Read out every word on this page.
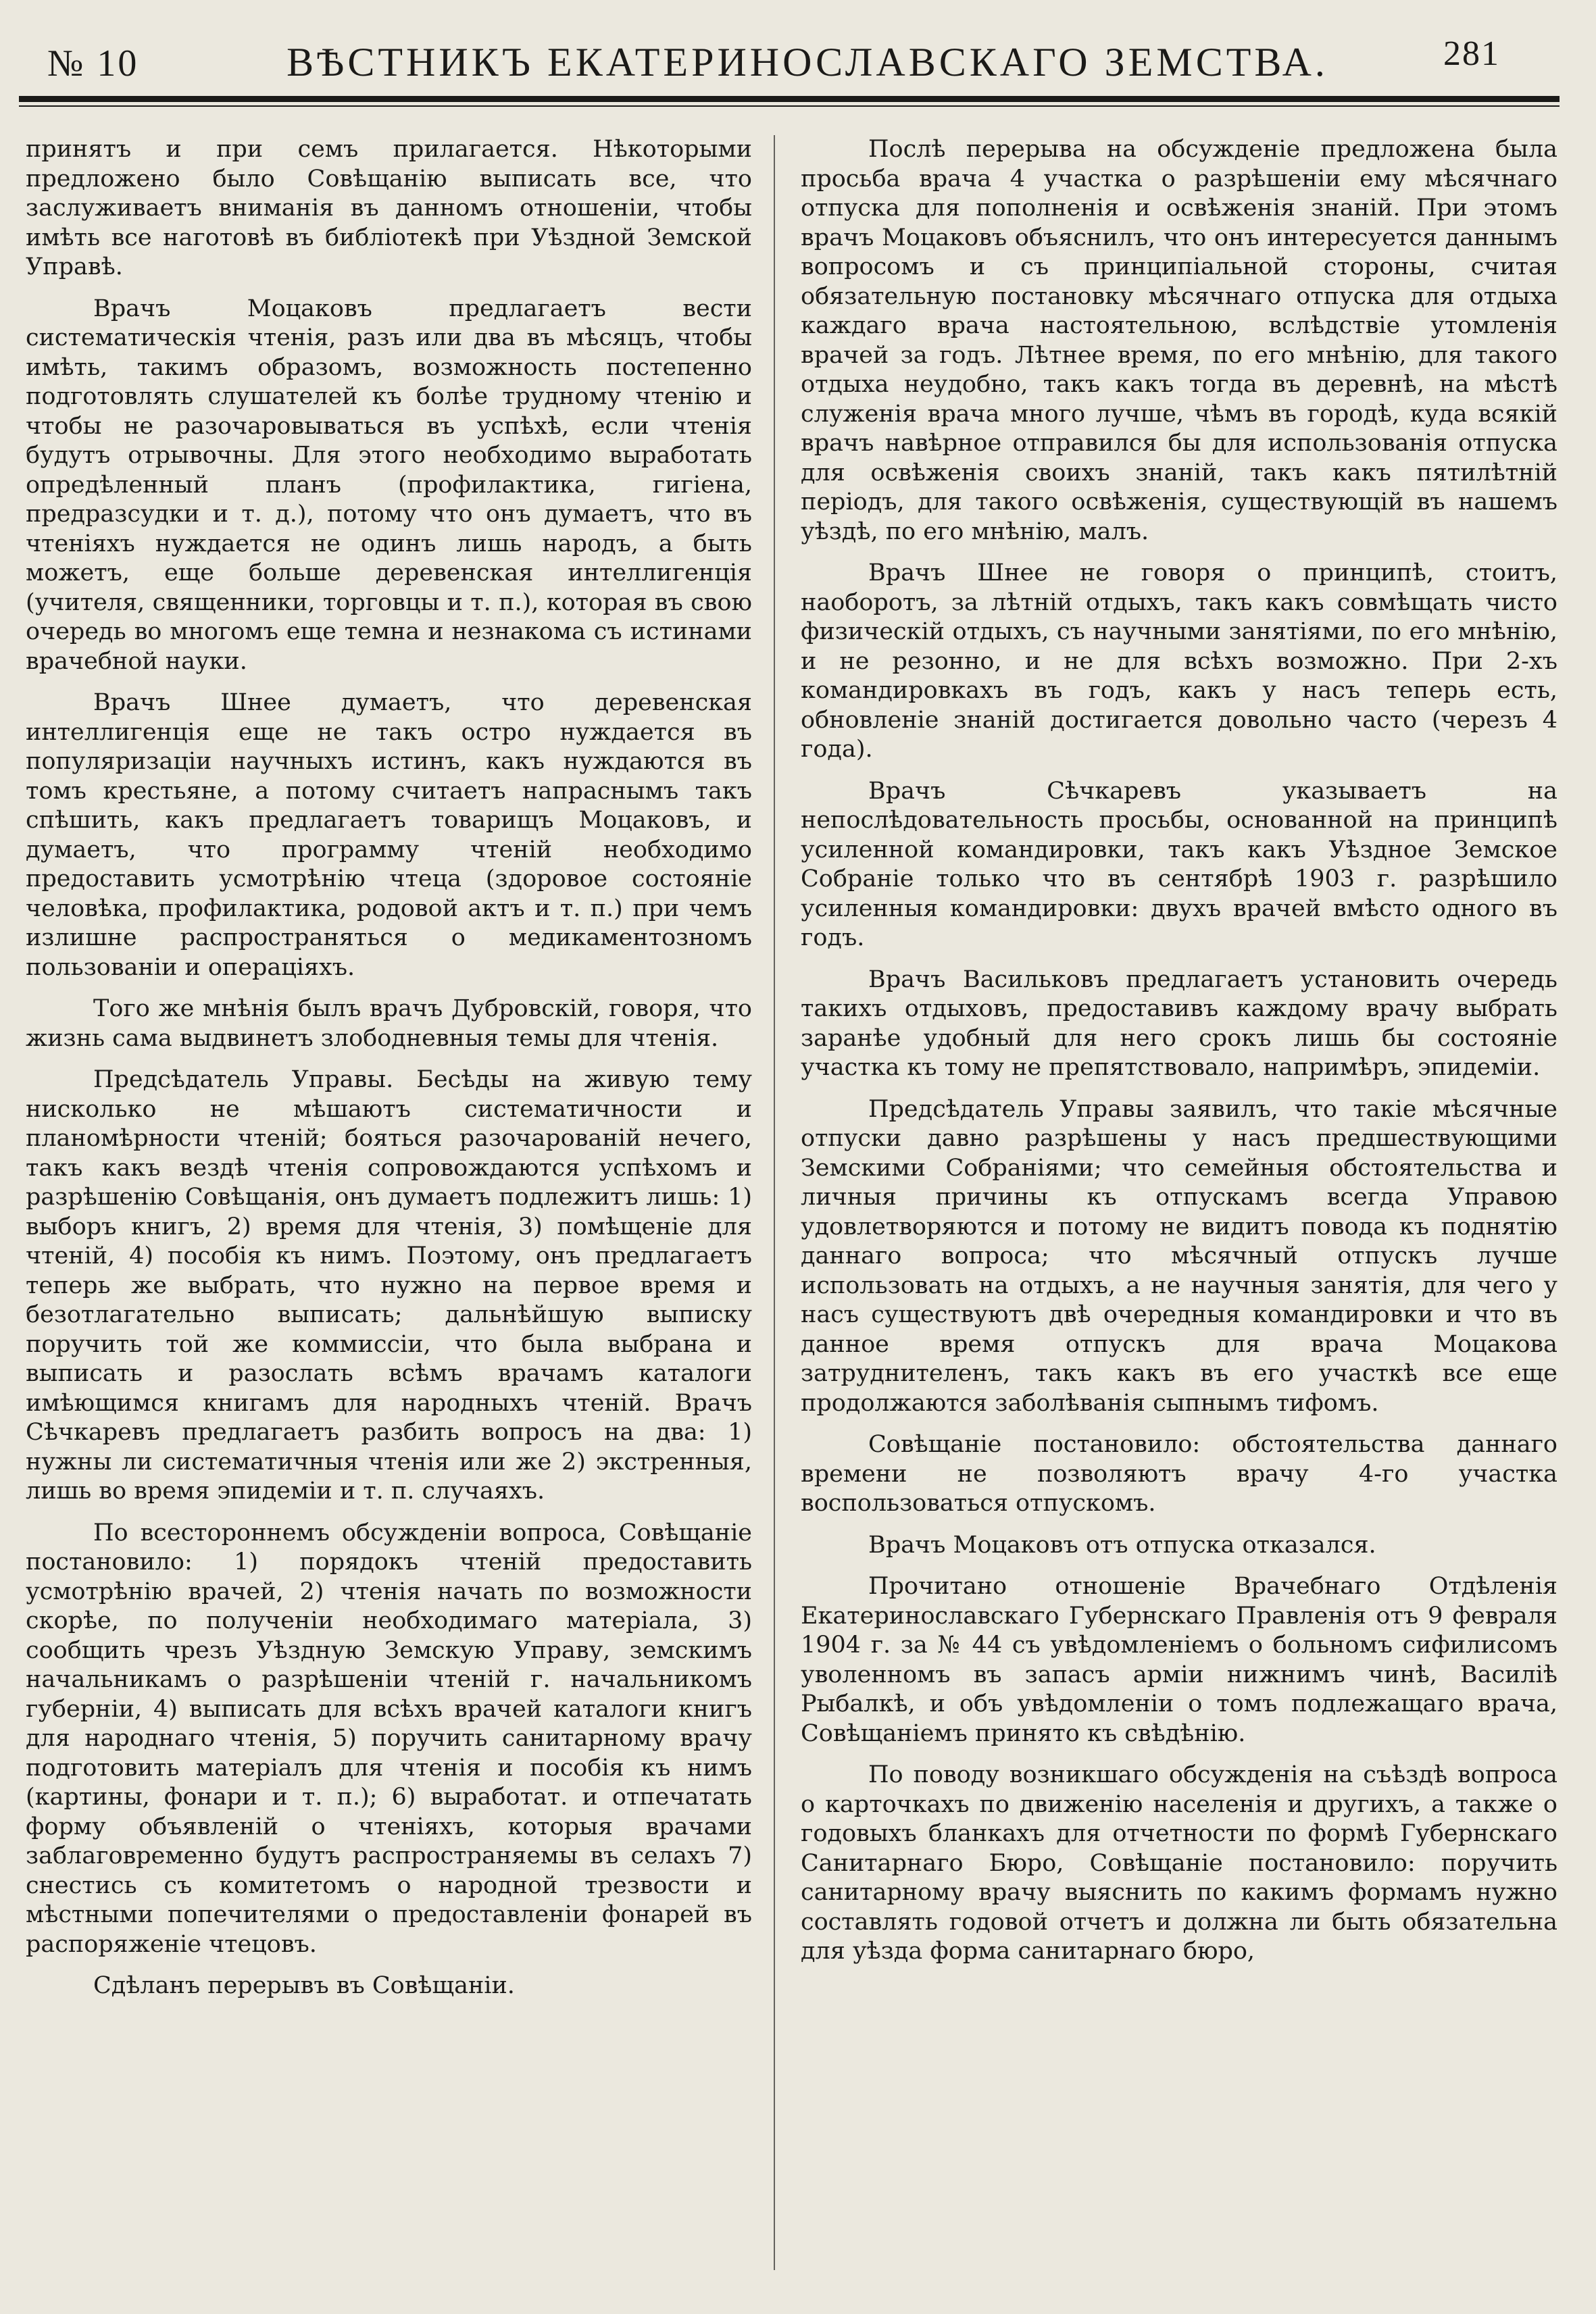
№ 10	ВѢСТНИКЪ ЕКАТЕРИНОСЛАВСКАГО ЗЕМСТВА.	281

принятъ и при семъ прилагается. Нѣкоторыми предложено было Совѣщанію выписать все, что заслуживаетъ вниманія въ данномъ отношеніи, чтобы имѣть все наготовѣ въ библіотекѣ при Уѣздной Земской Управѣ.

Врачъ Моцаковъ предлагаетъ вести систематическія чтенія, разъ или два въ мѣсяцъ, чтобы имѣть, такимъ образомъ, возможность постепенно подготовлять слушателей къ болѣе трудному чтенію и чтобы не разочаровываться въ успѣхѣ, если чтенія будутъ отрывочны. Для этого необходимо выработать опредѣленный планъ (профилактика, гигіена, предразсудки и т. д.), потому что онъ думаетъ, что въ чтеніяхъ нуждается не одинъ лишь народъ, а быть можетъ, еще больше деревенская интеллигенція (учителя, священники, торговцы и т. п.), которая въ свою очередь во многомъ еще темна и незнакома съ истинами врачебной науки.

Врачъ Шнее думаетъ, что деревенская интеллигенція еще не такъ остро нуждается въ популяризаціи научныхъ истинъ, какъ нуждаются въ томъ крестьяне, а потому считаетъ напраснымъ такъ спѣшить, какъ предлагаетъ товарищъ Моцаковъ, и думаетъ, что программу чтеній необходимо предоставить усмотрѣнію чтеца (здоровое состояніе человѣка, профилактика, родовой актъ и т. п.) при чемъ излишне распространяться о медикаментозномъ пользованіи и операціяхъ.

Того же мнѣнія былъ врачъ Дубровскій, говоря, что жизнь сама выдвинетъ злободневныя темы для чтенія.

Предсѣдатель Управы. Бесѣды на живую тему нисколько не мѣшаютъ систематичности и планомѣрности чтеній; бояться разочарованій нечего, такъ какъ вездѣ чтенія сопровождаются успѣхомъ и разрѣшенію Совѣщанія, онъ думаетъ подлежитъ лишь: 1) выборъ книгъ, 2) время для чтенія, 3) помѣщеніе для чтеній, 4) пособія къ нимъ. Поэтому, онъ предлагаетъ теперь же выбрать, что нужно на первое время и безотлагательно выписать; дальнѣйшую выписку поручить той же коммиссіи, что была выбрана и выписать и разослать всѣмъ врачамъ каталоги имѣющимся книгамъ для народныхъ чтеній. Врачъ Сѣчкаревъ предлагаетъ разбить вопросъ на два: 1) нужны ли систематичныя чтенія или же 2) экстренныя, лишь во время эпидеміи и т. п. случаяхъ.

По всестороннемъ обсужденіи вопроса, Совѣщаніе постановило: 1) порядокъ чтеній предоставить усмотрѣнію врачей, 2) чтенія начать по возможности скорѣе, по полученіи необходимаго матеріала, 3) сообщить чрезъ Уѣздную Земскую Управу, земскимъ начальникамъ о разрѣшеніи чтеній г. начальникомъ губерніи, 4) выписать для всѣхъ врачей каталоги книгъ для народнаго чтенія, 5) поручить санитарному врачу подготовить матеріалъ для чтенія и пособія къ нимъ (картины, фонари и т. п.); 6) выработат. и отпечатать форму объявленій о чтеніяхъ, которыя врачами заблаговременно будутъ распространяемы въ селахъ 7) снестись съ комитетомъ о народной трезвости и мѣстными попечителями о предоставленіи фонарей въ распоряженіе чтецовъ.

Сдѣланъ перерывъ въ Совѣщаніи.

Послѣ перерыва на обсужденіе предложена была просьба врача 4 участка о разрѣшеніи ему мѣсячнаго отпуска для пополненія и освѣженія знаній. При этомъ врачъ Моцаковъ объяснилъ, что онъ интересуется даннымъ вопросомъ и съ принципіальной стороны, считая обязательную постановку мѣсячнаго отпуска для отдыха каждаго врача настоятельною, вслѣдствіе утомленія врачей за годъ. Лѣтнее время, по его мнѣнію, для такого отдыха неудобно, такъ какъ тогда въ деревнѣ, на мѣстѣ служенія врача много лучше, чѣмъ въ городѣ, куда всякій врачъ навѣрное отправился бы для использованія отпуска для освѣженія своихъ знаній, такъ какъ пятилѣтній періодъ, для такого освѣженія, существующій въ нашемъ уѣздѣ, по его мнѣнію, малъ.

Врачъ Шнее не говоря о принципѣ, стоитъ, наоборотъ, за лѣтній отдыхъ, такъ какъ совмѣщать чисто физическій отдыхъ, съ научными занятіями, по его мнѣнію, и не резонно, и не для всѣхъ возможно. При 2-хъ командировкахъ въ годъ, какъ у насъ теперь есть, обновленіе знаній достигается довольно часто (черезъ 4 года).

Врачъ Сѣчкаревъ указываетъ на непослѣдовательность просьбы, основанной на принципѣ усиленной командировки, такъ какъ Уѣздное Земское Собраніе только что въ сентябрѣ 1903 г. разрѣшило усиленныя командировки: двухъ врачей вмѣсто одного въ годъ.

Врачъ Васильковъ предлагаетъ установить очередь такихъ отдыховъ, предоставивъ каждому врачу выбрать заранѣе удобный для него срокъ лишь бы состояніе участка къ тому не препятствовало, напримѣръ, эпидеміи.

Предсѣдатель Управы заявилъ, что такіе мѣсячные отпуски давно разрѣшены у насъ предшествующими Земскими Собраніями; что семейныя обстоятельства и личныя причины къ отпускамъ всегда Управою удовлетворяются и потому не видитъ повода къ поднятію даннаго вопроса; что мѣсячный отпускъ лучше использовать на отдыхъ, а не научныя занятія, для чего у насъ существуютъ двѣ очередныя командировки и что въ данное время отпускъ для врача Моцакова затруднителенъ, такъ какъ въ его участкѣ все еще продолжаются заболѣванія сыпнымъ тифомъ.

Совѣщаніе постановило: обстоятельства даннаго времени не позволяютъ врачу 4-го участка воспользоваться отпускомъ.

Врачъ Моцаковъ отъ отпуска отказался.

Прочитано отношеніе Врачебнаго Отдѣленія Екатеринославскаго Губернскаго Правленія отъ 9 февраля 1904 г. за № 44 съ увѣдомленіемъ о больномъ сифилисомъ уволенномъ въ запасъ арміи нижнимъ чинѣ, Василіѣ Рыбалкѣ, и объ увѣдомленіи о томъ подлежащаго врача, Совѣщаніемъ принято къ свѣдѣнію.

По поводу возникшаго обсужденія на съѣздѣ вопроса о карточкахъ по движенію населенія и другихъ, а также о годовыхъ бланкахъ для отчетности по формѣ Губернскаго Санитарнаго Бюро, Совѣщаніе постановило: поручить санитарному врачу выяснить по какимъ формамъ нужно составлять годовой отчетъ и должна ли быть обязательна для уѣзда форма санитарнаго бюро,
